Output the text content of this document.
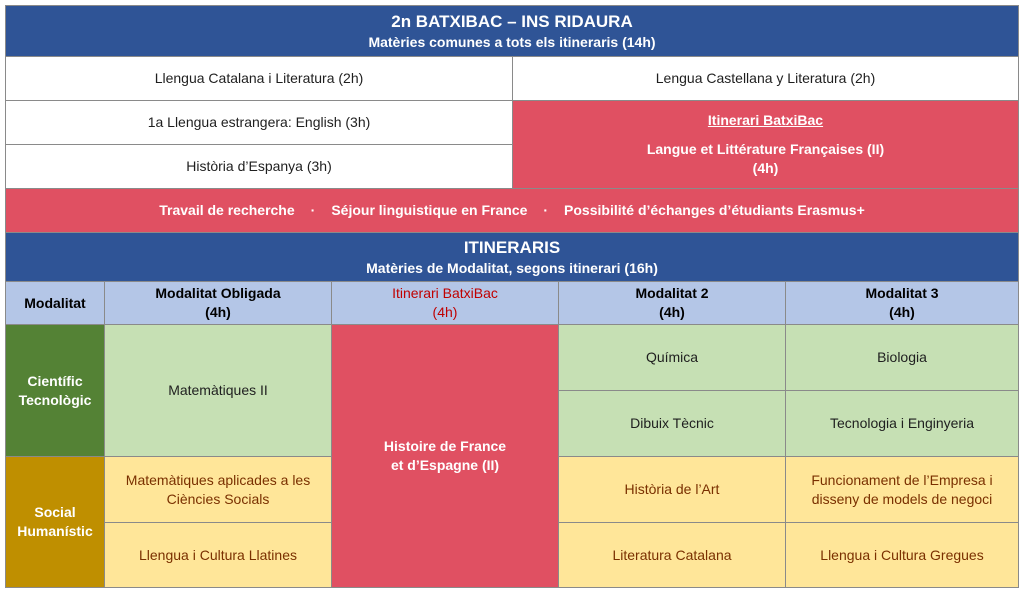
2n BATXIBAC – INS RIDAURA
Matèries comunes a tots els itineraris (14h)
Llengua Catalana i Literatura (2h)	Lengua Castellana y Literatura (2h)
1a Llengua estrangera: English (3h)
Història d’Espanya (3h)
Itinerari BatxiBac
Langue et Littérature Françaises (II)
(4h)
Travail de recherche · Séjour linguistique en France · Possibilité d’échanges d’étudiants Erasmus+
ITINERARIS
Matèries de Modalitat, segons itinerari (16h)
Modalitat
Modalitat Obligada
(4h)
Itinerari BatxiBac
(4h)
Modalitat 2
(4h)
Modalitat 3
(4h)
Científic
Tecnològic
Matemàtiques II
Química
Dibuix Tècnic
Biologia
Tecnologia i Enginyeria
Histoire de France
et d’Espagne (II)
Social
Humanístic
Matemàtiques aplicades a les
Ciències Socials
Llengua i Cultura Llatines
Història de l’Art
Literatura Catalana
Funcionament de l’Empresa i
disseny de models de negoci
Llengua i Cultura Gregues
